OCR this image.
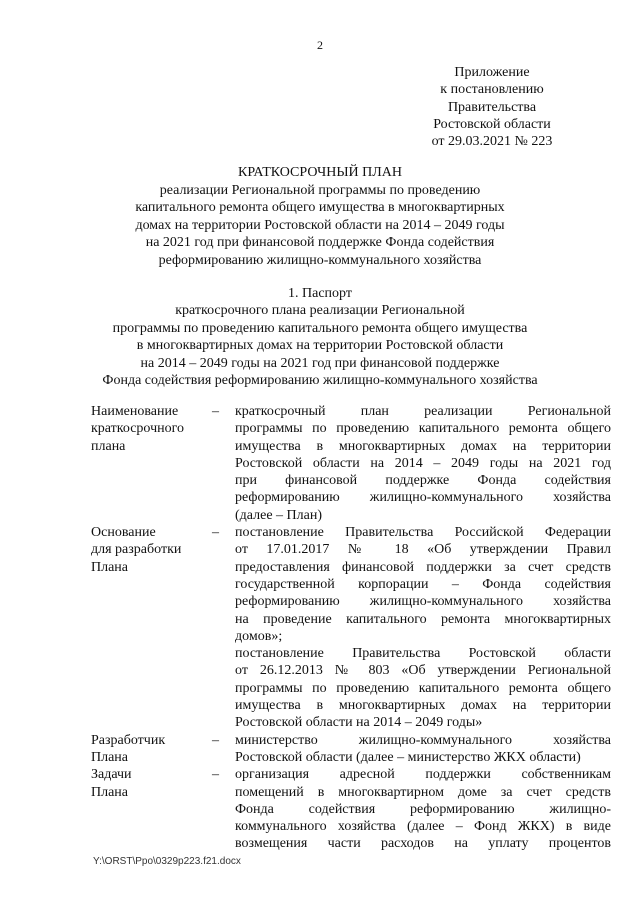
2
Приложение
к постановлению
Правительства
Ростовской области
от 29.03.2021 № 223
КРАТКОСРОЧНЫЙ ПЛАН
реализации Региональной программы по проведению
капитального ремонта общего имущества в многоквартирных
домах на территории Ростовской области на 2014 – 2049 годы
на 2021 год при финансовой поддержке Фонда содействия
реформированию жилищно-коммунального хозяйства
1. Паспорт
краткосрочного плана реализации Региональной
программы по проведению капитального ремонта общего имущества
в многоквартирных домах на территории Ростовской области
на 2014 – 2049 годы на 2021 год при финансовой поддержке
Фонда содействия реформированию жилищно-коммунального хозяйства
Наименование
краткосрочного
плана
–	краткосрочный план реализации Региональной
программы по проведению капитального ремонта общего
имущества в многоквартирных домах на территории
Ростовской области на 2014 – 2049 годы на 2021 год
при финансовой поддержке Фонда содействия
реформированию жилищно-коммунального хозяйства
(далее – План)
Основание
для разработки
Плана
–	постановление Правительства Российской Федерации
от 17.01.2017 № 18 «Об утверждении Правил
предоставления финансовой поддержки за счет средств
государственной корпорации – Фонда содействия
реформированию жилищно-коммунального хозяйства
на проведение капитального ремонта многоквартирных
домов»;
постановление Правительства Ростовской области
от 26.12.2013 № 803 «Об утверждении Региональной
программы по проведению капитального ремонта общего
имущества в многоквартирных домах на территории
Ростовской области на 2014 – 2049 годы»
Разработчик
Плана
–	министерство жилищно-коммунального хозяйства
Ростовской области (далее – министерство ЖКХ области)
Задачи
Плана
–	организация адресной поддержки собственникам
помещений в многоквартирном доме за счет средств
Фонда содействия реформированию жилищно-
коммунального хозяйства (далее – Фонд ЖКХ) в виде
возмещения части расходов на уплату процентов
Y:\ORST\Ppo\0329p223.f21.docx
